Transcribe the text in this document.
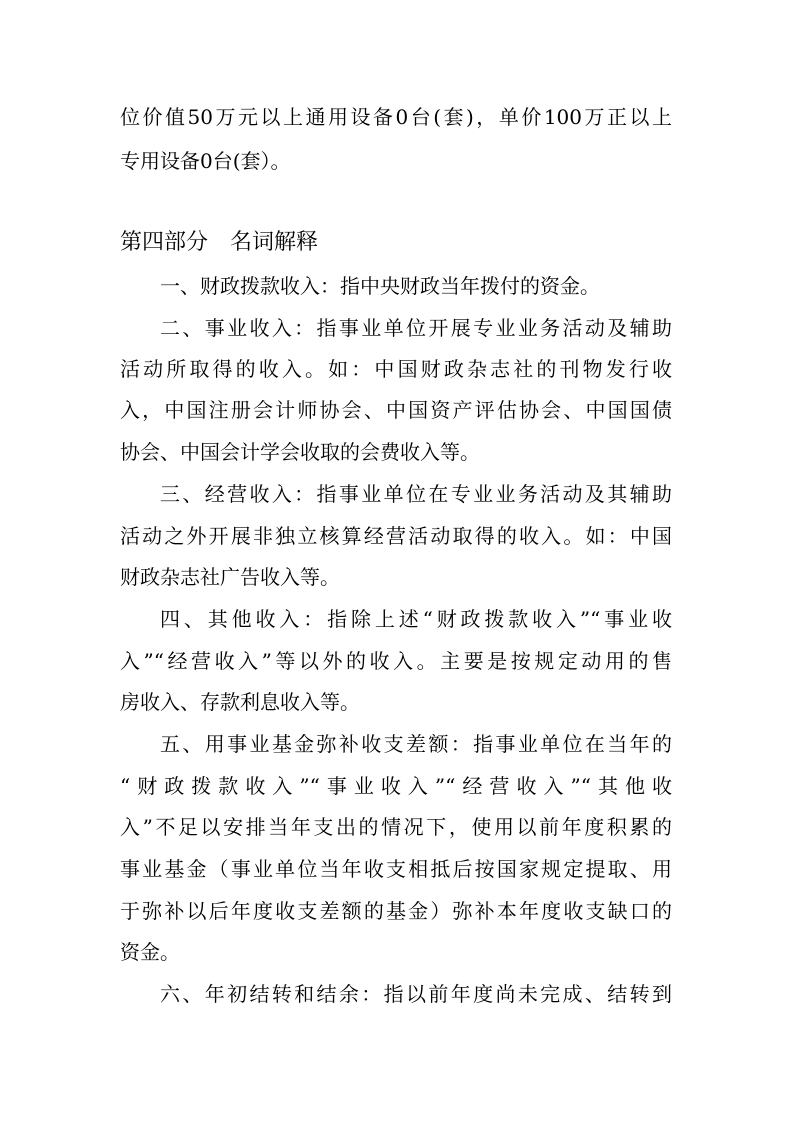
位价值50万元以上通用设备0台(套)，单价100万正以上
专用设备0台(套）。
第四部分　名词解释
一、财政拨款收入：指中央财政当年拨付的资金。
二、事业收入：指事业单位开展专业业务活动及辅助
活动所取得的收入。如：中国财政杂志社的刊物发行收
入，中国注册会计师协会、中国资产评估协会、中国国债
协会、中国会计学会收取的会费收入等。
三、经营收入：指事业单位在专业业务活动及其辅助
活动之外开展非独立核算经营活动取得的收入。如：中国
财政杂志社广告收入等。
四、其他收入：指除上述“财政拨款收入”“事业收
入”“经营收入”等以外的收入。主要是按规定动用的售
房收入、存款利息收入等。
五、用事业基金弥补收支差额：指事业单位在当年的
“财政拨款收入”“事业收入”“经营收入”“其他收
入”不足以安排当年支出的情况下，使用以前年度积累的
事业基金（事业单位当年收支相抵后按国家规定提取、用
于弥补以后年度收支差额的基金）弥补本年度收支缺口的
资金。
六、年初结转和结余：指以前年度尚未完成、结转到
